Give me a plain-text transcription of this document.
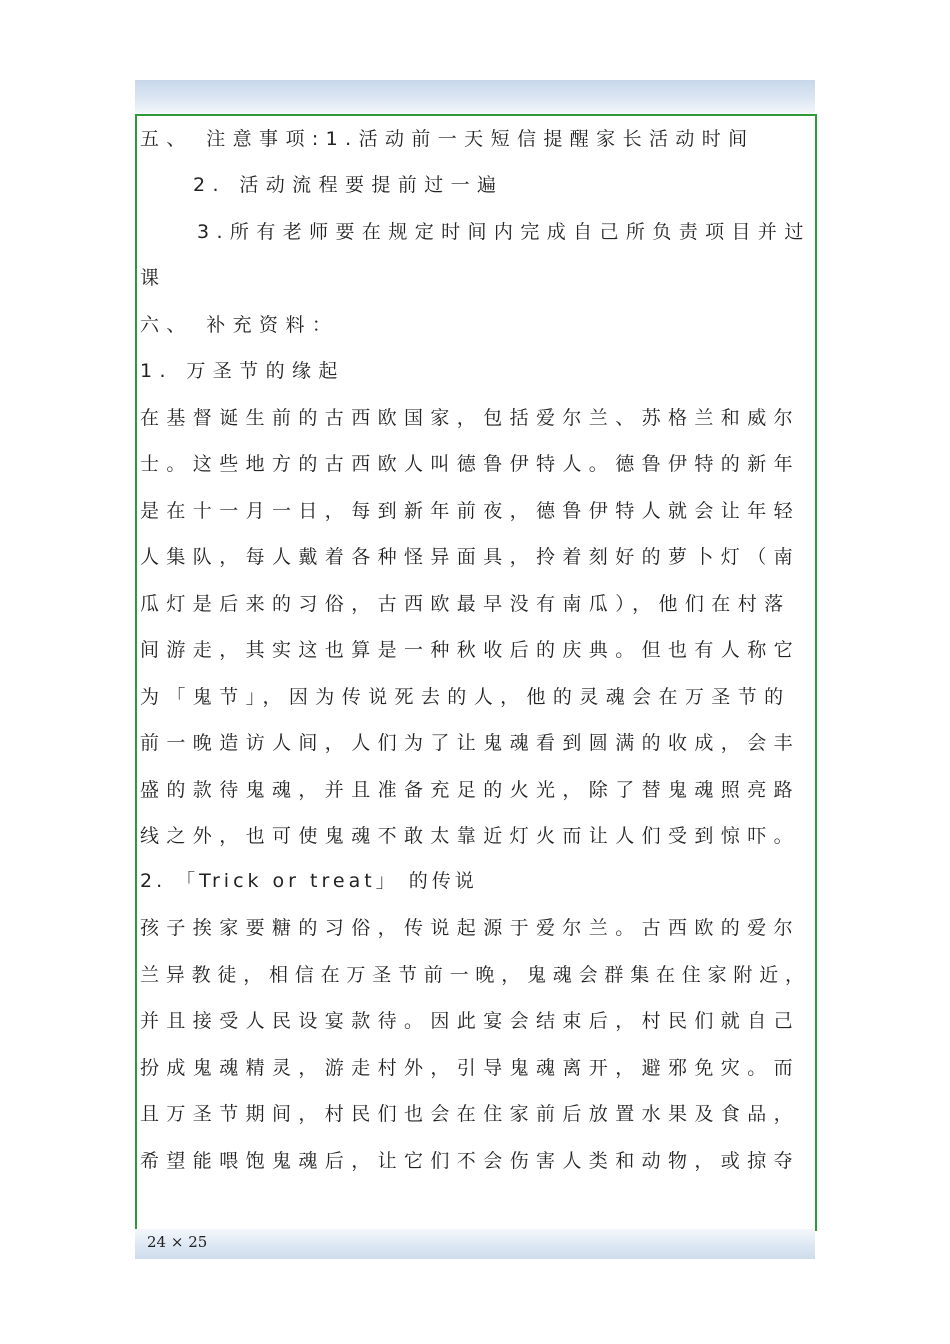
五、 注意事项:1.活动前一天短信提醒家长活动时间
2. 活动流程要提前过一遍
3.所有老师要在规定时间内完成自己所负责项目并过
课
六、 补充资料：
1. 万圣节的缘起
在基督诞生前的古西欧国家，包括爱尔兰、苏格兰和威尔
士。这些地方的古西欧人叫德鲁伊特人。德鲁伊特的新年
是在十一月一日，每到新年前夜，德鲁伊特人就会让年轻
人集队，每人戴着各种怪异面具，拎着刻好的萝卜灯（南
瓜灯是后来的习俗，古西欧最早没有南瓜），他们在村落
间游走，其实这也算是一种秋收后的庆典。但也有人称它
为「鬼节」，因为传说死去的人，他的灵魂会在万圣节的
前一晚造访人间，人们为了让鬼魂看到圆满的收成，会丰
盛的款待鬼魂，并且准备充足的火光，除了替鬼魂照亮路
线之外，也可使鬼魂不敢太靠近灯火而让人们受到惊吓。
2. 「Trick or treat」 的传说
孩子挨家要糖的习俗，传说起源于爱尔兰。古西欧的爱尔
兰异教徒，相信在万圣节前一晚，鬼魂会群集在住家附近，
并且接受人民设宴款待。因此宴会结束后，村民们就自己
扮成鬼魂精灵，游走村外，引导鬼魂离开，避邪免灾。而
且万圣节期间，村民们也会在住家前后放置水果及食品，
希望能喂饱鬼魂后，让它们不会伤害人类和动物，或掠夺
24 × 25
